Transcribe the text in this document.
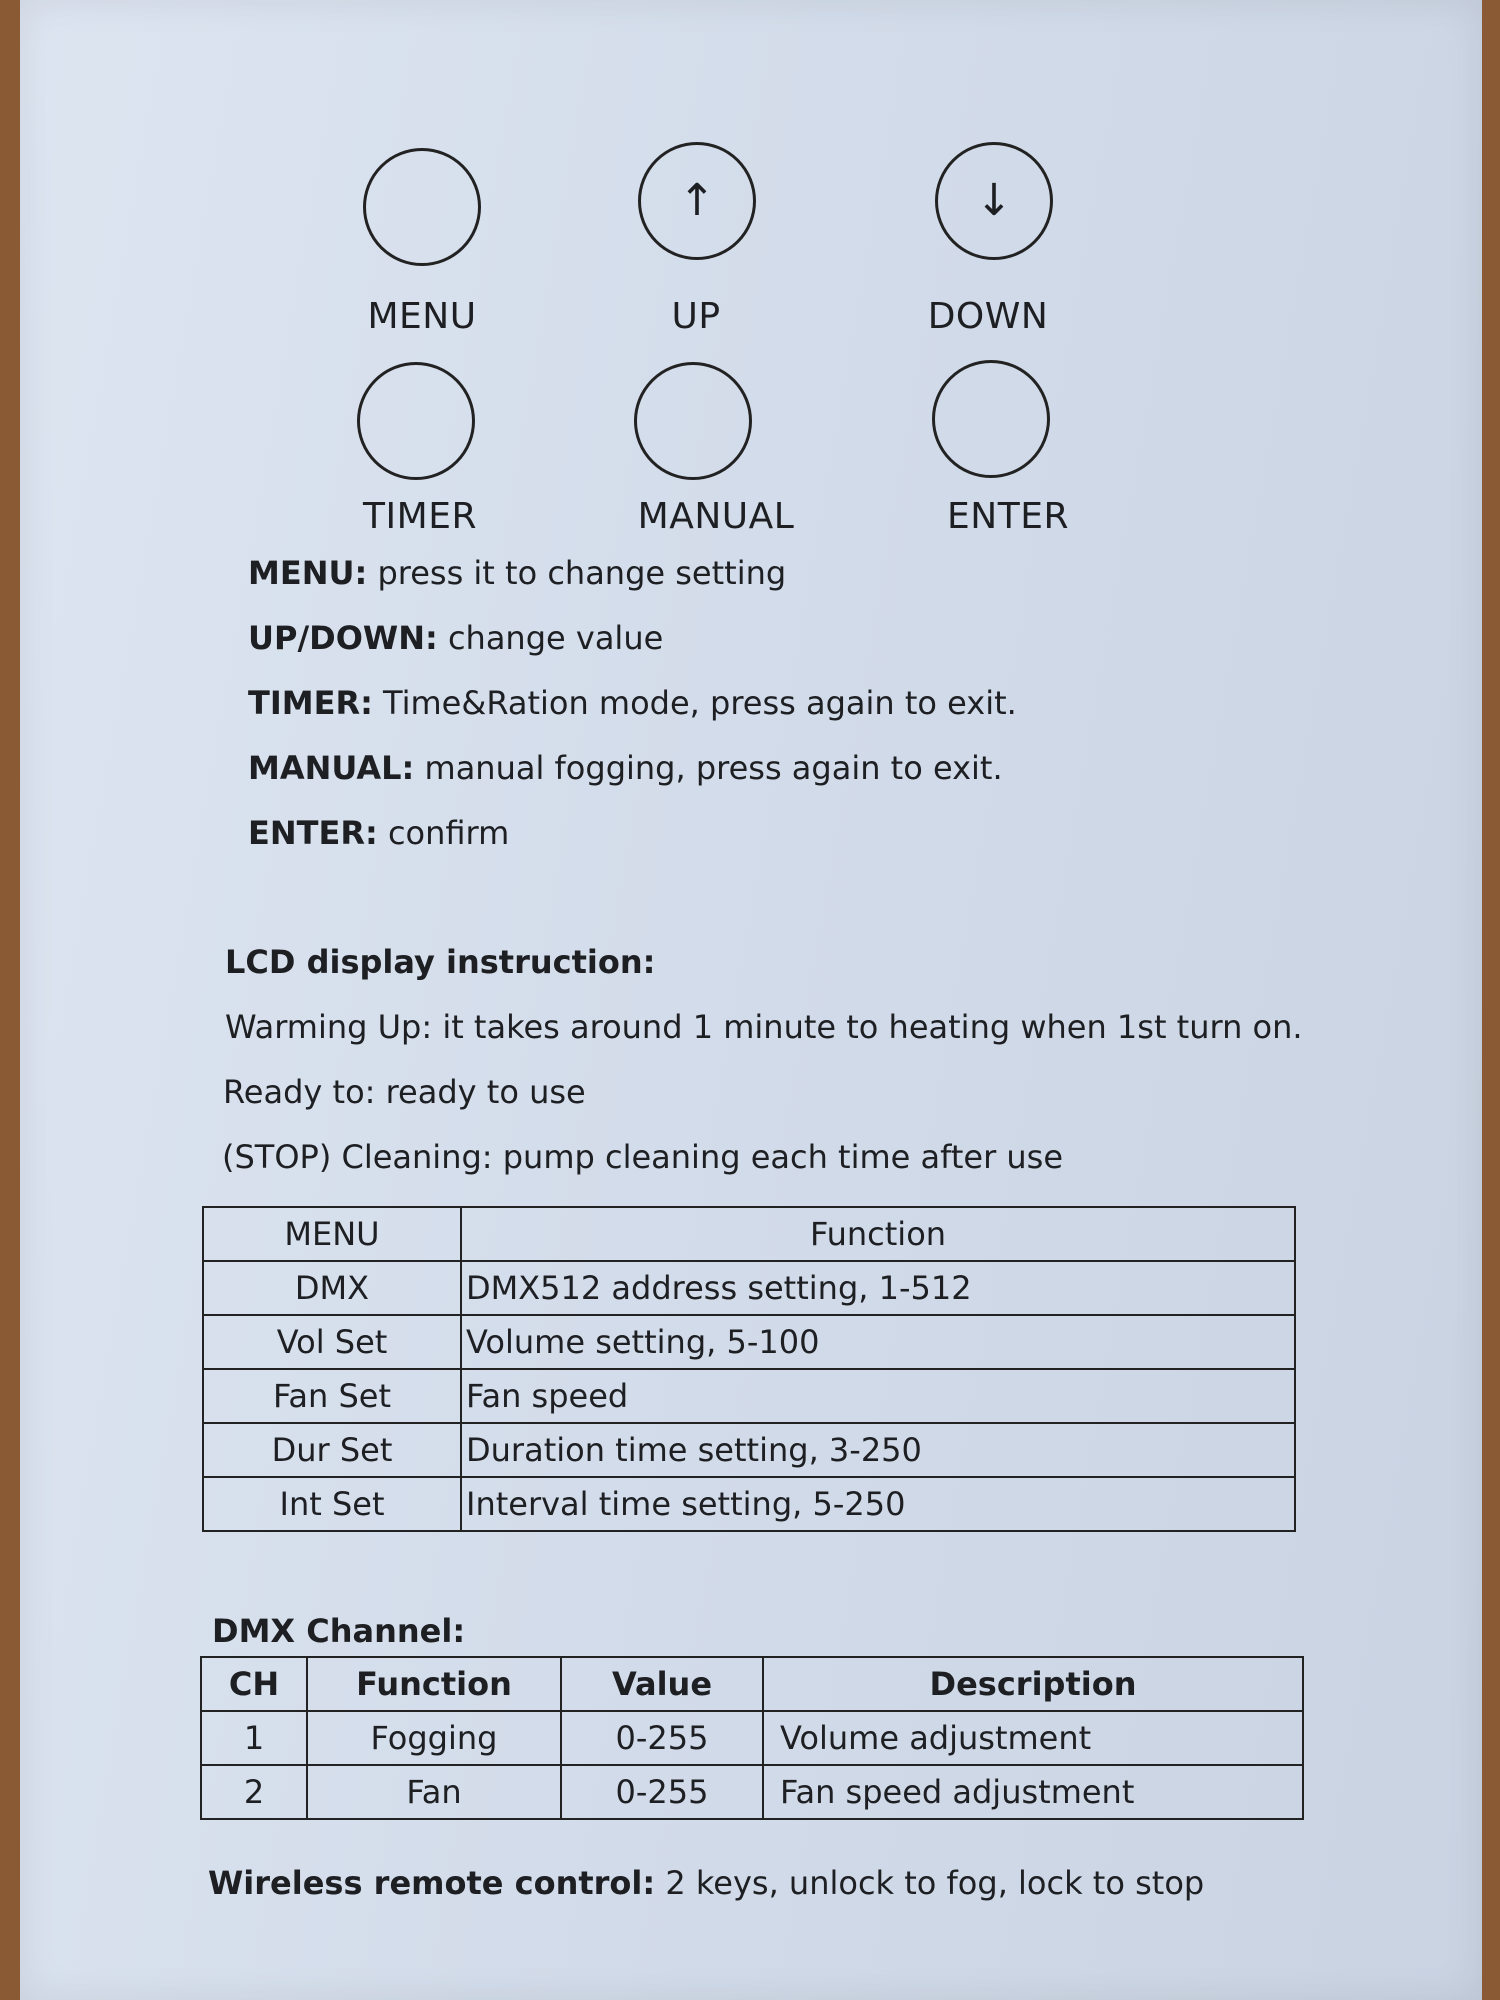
↑	↓
MENU	UP	DOWN
TIMER	MANUAL	ENTER
MENU: press it to change setting
UP/DOWN: change value
TIMER: Time&Ration mode, press again to exit.
MANUAL: manual fogging, press again to exit.
ENTER: confirm
LCD display instruction:
Warming Up: it takes around 1 minute to heating when 1st turn on.
Ready to: ready to use
(STOP) Cleaning: pump cleaning each time after use
MENU	Function
DMX	DMX512 address setting, 1-512
Vol Set	Volume setting, 5-100
Fan Set	Fan speed
Dur Set	Duration time setting, 3-250
Int Set	Interval time setting, 5-250
DMX Channel:
CH	Function	Value	Description
1	Fogging	0-255	Volume adjustment
2	Fan	0-255	Fan speed adjustment
Wireless remote control: 2 keys, unlock to fog, lock to stop
